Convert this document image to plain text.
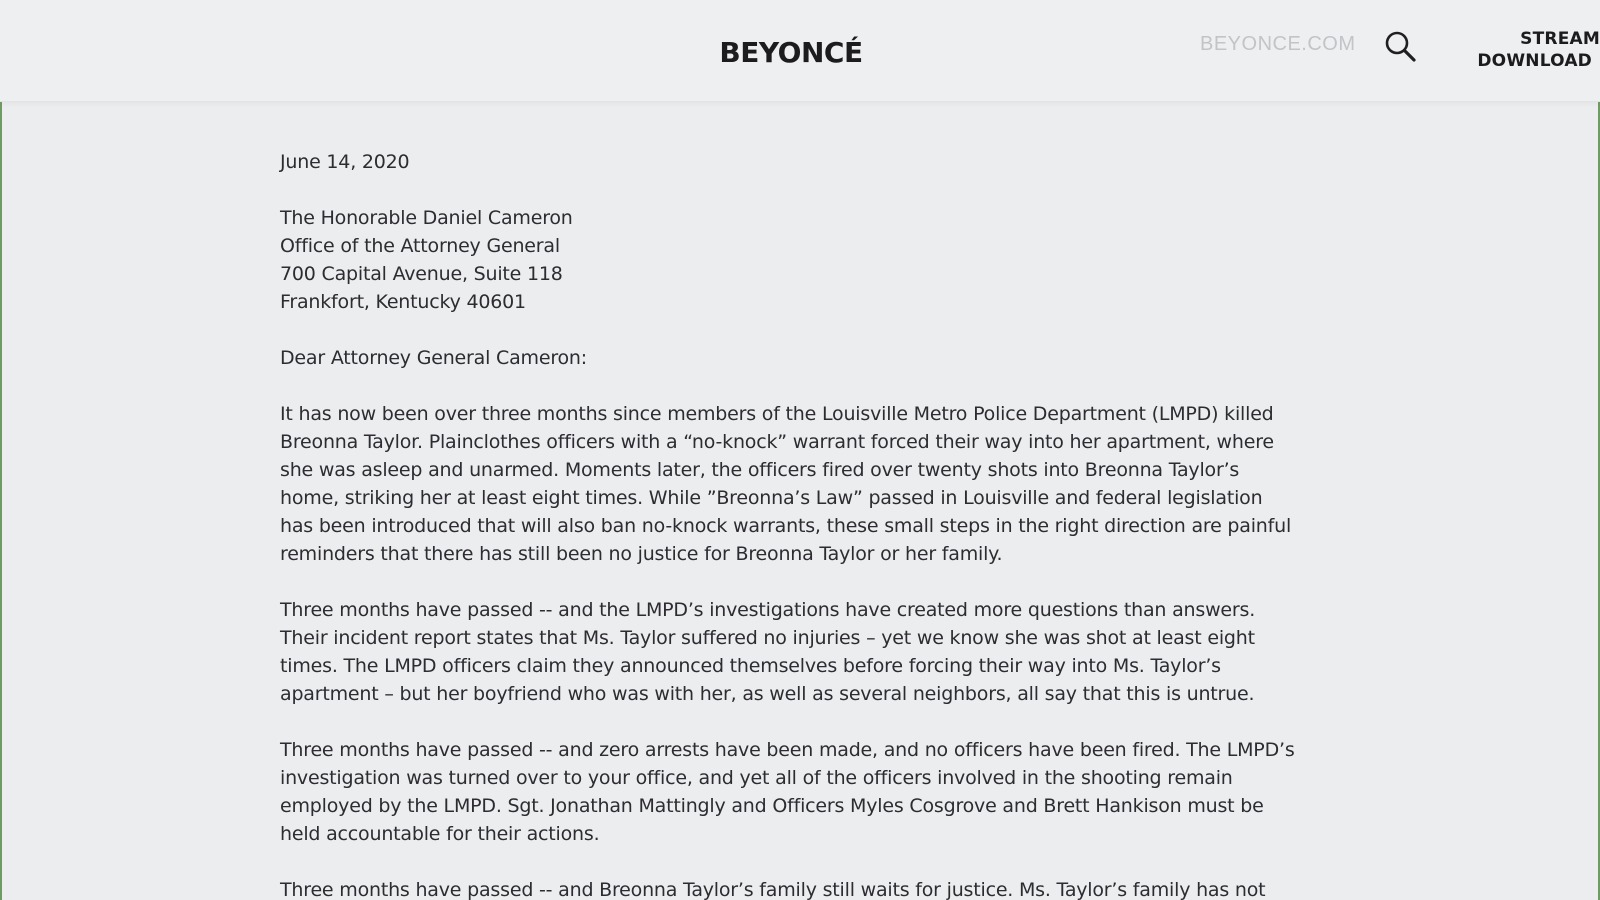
BEYONCÉ	BEYONCE.COM	STREAM
DOWNLOAD

June 14, 2020

The Honorable Daniel Cameron
Office of the Attorney General
700 Capital Avenue, Suite 118
Frankfort, Kentucky 40601

Dear Attorney General Cameron:

It has now been over three months since members of the Louisville Metro Police Department (LMPD) killed Breonna Taylor. Plainclothes officers with a “no-knock” warrant forced their way into her apartment, where she was asleep and unarmed. Moments later, the officers fired over twenty shots into Breonna Taylor’s home, striking her at least eight times. While ”Breonna’s Law” passed in Louisville and federal legislation has been introduced that will also ban no-knock warrants, these small steps in the right direction are painful reminders that there has still been no justice for Breonna Taylor or her family.

Three months have passed -- and the LMPD’s investigations have created more questions than answers. Their incident report states that Ms. Taylor suffered no injuries – yet we know she was shot at least eight times. The LMPD officers claim they announced themselves before forcing their way into Ms. Taylor’s apartment – but her boyfriend who was with her, as well as several neighbors, all say that this is untrue.

Three months have passed -- and zero arrests have been made, and no officers have been fired. The LMPD’s investigation was turned over to your office, and yet all of the officers involved in the shooting remain employed by the LMPD. Sgt. Jonathan Mattingly and Officers Myles Cosgrove and Brett Hankison must be held accountable for their actions.

Three months have passed -- and Breonna Taylor’s family still waits for justice. Ms. Taylor’s family has not
